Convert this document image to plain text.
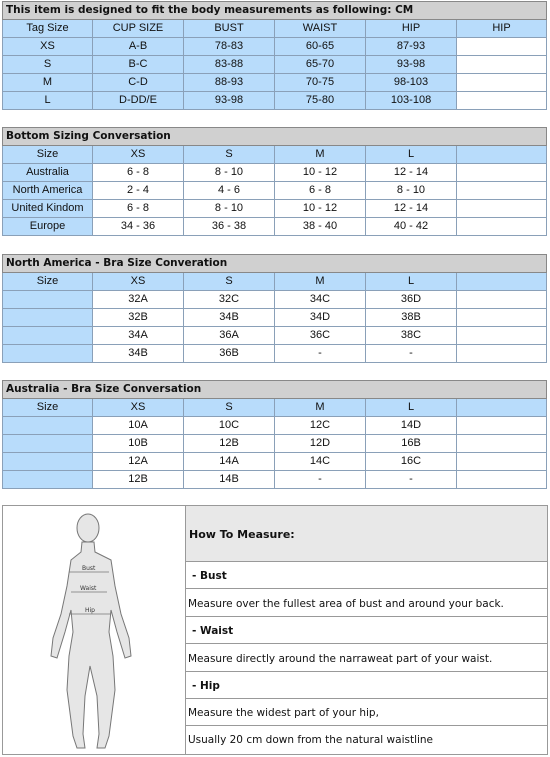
This item is designed to fit the body measurements as following: CM					
Tag Size	CUP SIZE	BUST	WAIST	HIP	HIP
XS	A-B	78-83	60-65	87-93	
S	B-C	83-88	65-70	93-98	
M	C-D	88-93	70-75	98-103	
L	D-DD/E	93-98	75-80	103-108	
Bottom Sizing Conversation					
Size	XS	S	M	L	
Australia	6 - 8	8 - 10	10 - 12	12 - 14	
North America	2 - 4	4 - 6	6 - 8	8 - 10	
United Kindom	6 - 8	8 - 10	10 - 12	12 - 14	
Europe	34 - 36	36 - 38	38 - 40	40 - 42	
North America - Bra Size Converation					
Size	XS	S	M	L	
	32A	32C	34C	36D	
	32B	34B	34D	38B	
	34A	36A	36C	38C	
	34B	36B	-	-	
Australia - Bra Size Conversation					
Size	XS	S	M	L	
	10A	10C	12C	14D	
	10B	12B	12D	16B	
	12A	14A	14C	16C	
	12B	14B	-	-	
Bust
Waist
Hip
How To Measure:
- Bust
Measure over the fullest area of bust and around your back.
- Waist
Measure directly around the narraweat part of your waist.
- Hip
Measure the widest part of your hip,
Usually 20 cm down from the natural waistline
